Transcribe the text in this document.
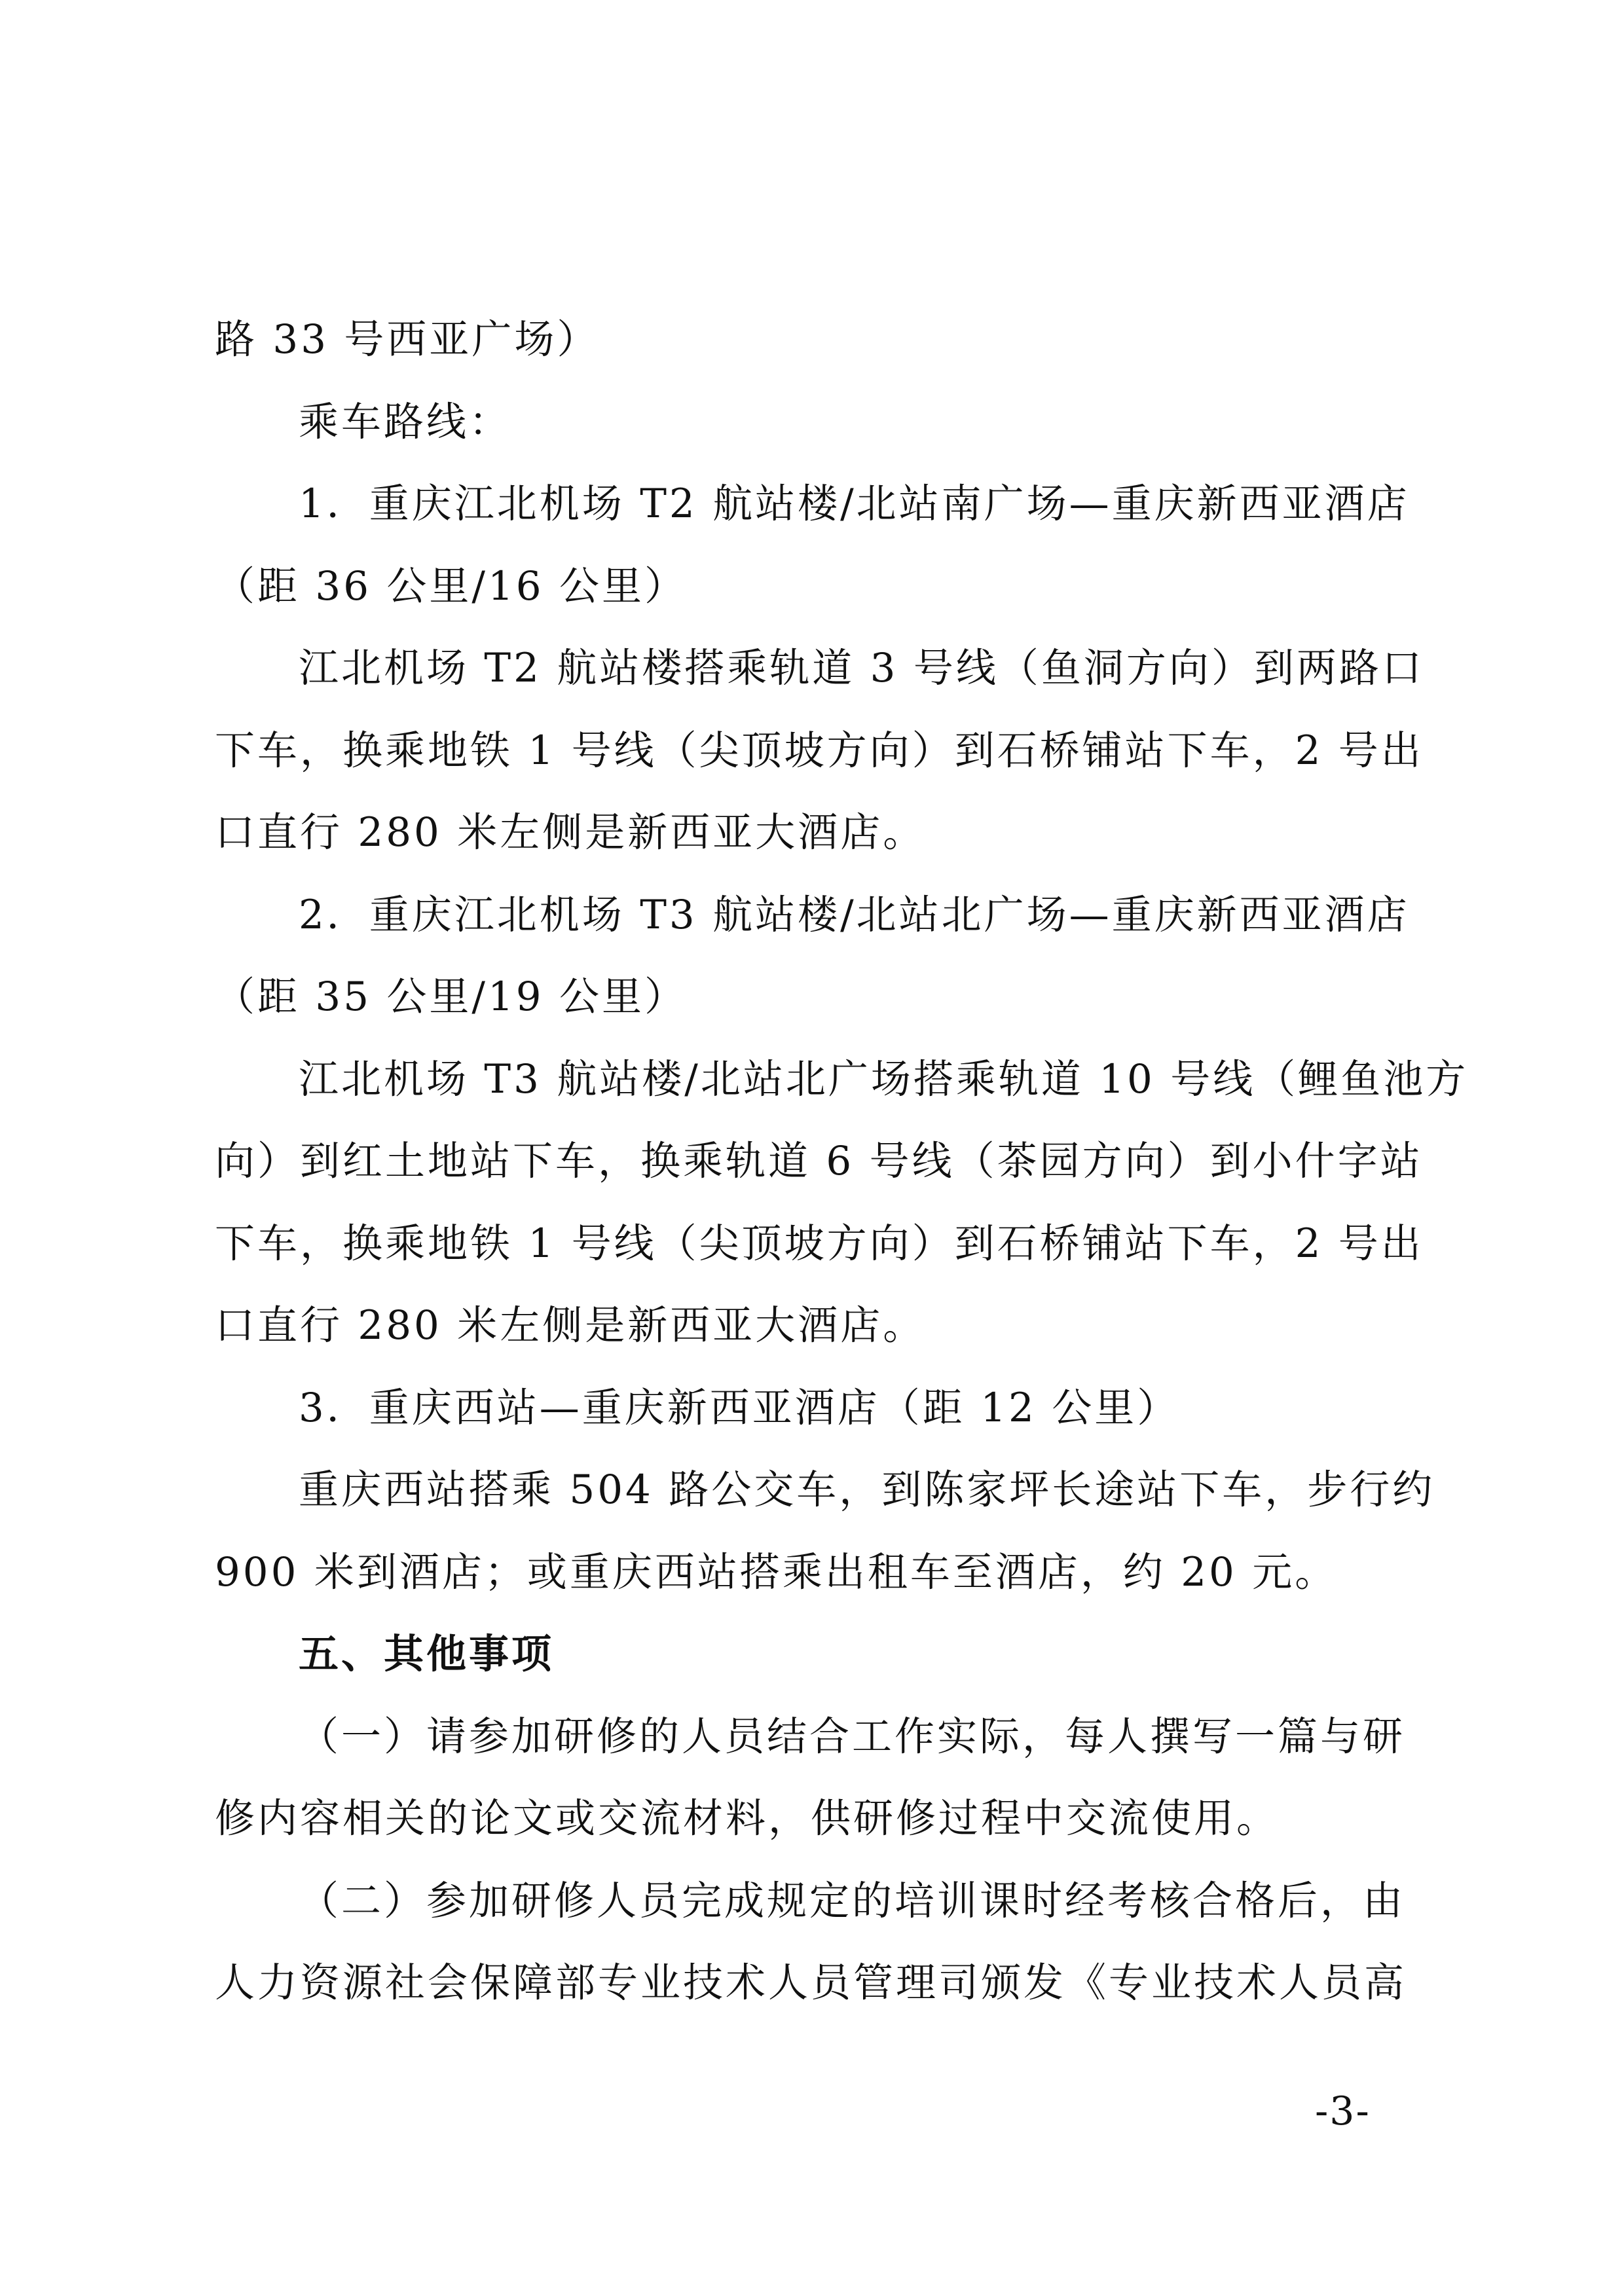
路 33 号西亚广场）
乘车路线：
1．重庆江北机场 T2 航站楼/北站南广场—重庆新西亚酒店
（距 36 公里/16 公里）
江北机场 T2 航站楼搭乘轨道 3 号线（鱼洞方向）到两路口
下车，换乘地铁 1 号线（尖顶坡方向）到石桥铺站下车，2 号出
口直行 280 米左侧是新西亚大酒店。
2．重庆江北机场 T3 航站楼/北站北广场—重庆新西亚酒店
（距 35 公里/19 公里）
江北机场 T3 航站楼/北站北广场搭乘轨道 10 号线（鲤鱼池方
向）到红土地站下车，换乘轨道 6 号线（茶园方向）到小什字站
下车，换乘地铁 1 号线（尖顶坡方向）到石桥铺站下车，2 号出
口直行 280 米左侧是新西亚大酒店。
3．重庆西站—重庆新西亚酒店（距 12 公里）
重庆西站搭乘 504 路公交车，到陈家坪长途站下车，步行约
900 米到酒店；或重庆西站搭乘出租车至酒店，约 20 元。
五、其他事项
（一）请参加研修的人员结合工作实际，每人撰写一篇与研
修内容相关的论文或交流材料，供研修过程中交流使用。
（二）参加研修人员完成规定的培训课时经考核合格后，由
人力资源社会保障部专业技术人员管理司颁发《专业技术人员高
-3-
